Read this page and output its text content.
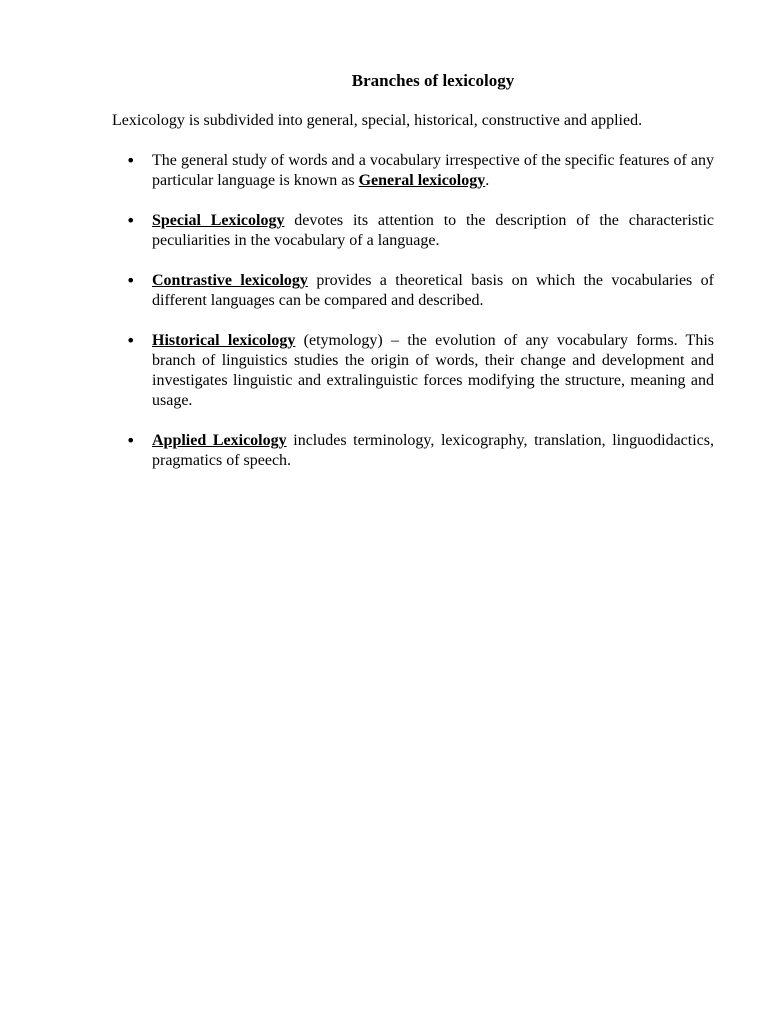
Branches of lexicology

Lexicology is subdivided into general, special, historical, constructive and applied.

•	The general study of words and a vocabulary irrespective of the specific features of any particular language is known as General lexicology.

•	Special Lexicology devotes its attention to the description of the characteristic peculiarities in the vocabulary of a language.

•	Contrastive lexicology provides a theoretical basis on which the vocabularies of different languages can be compared and described.

•	Historical lexicology (etymology) – the evolution of any vocabulary forms. This branch of linguistics studies the origin of words, their change and development and investigates linguistic and extralinguistic forces modifying the structure, meaning and usage.

•	Applied Lexicology includes terminology, lexicography, translation, linguodidactics, pragmatics of speech.
